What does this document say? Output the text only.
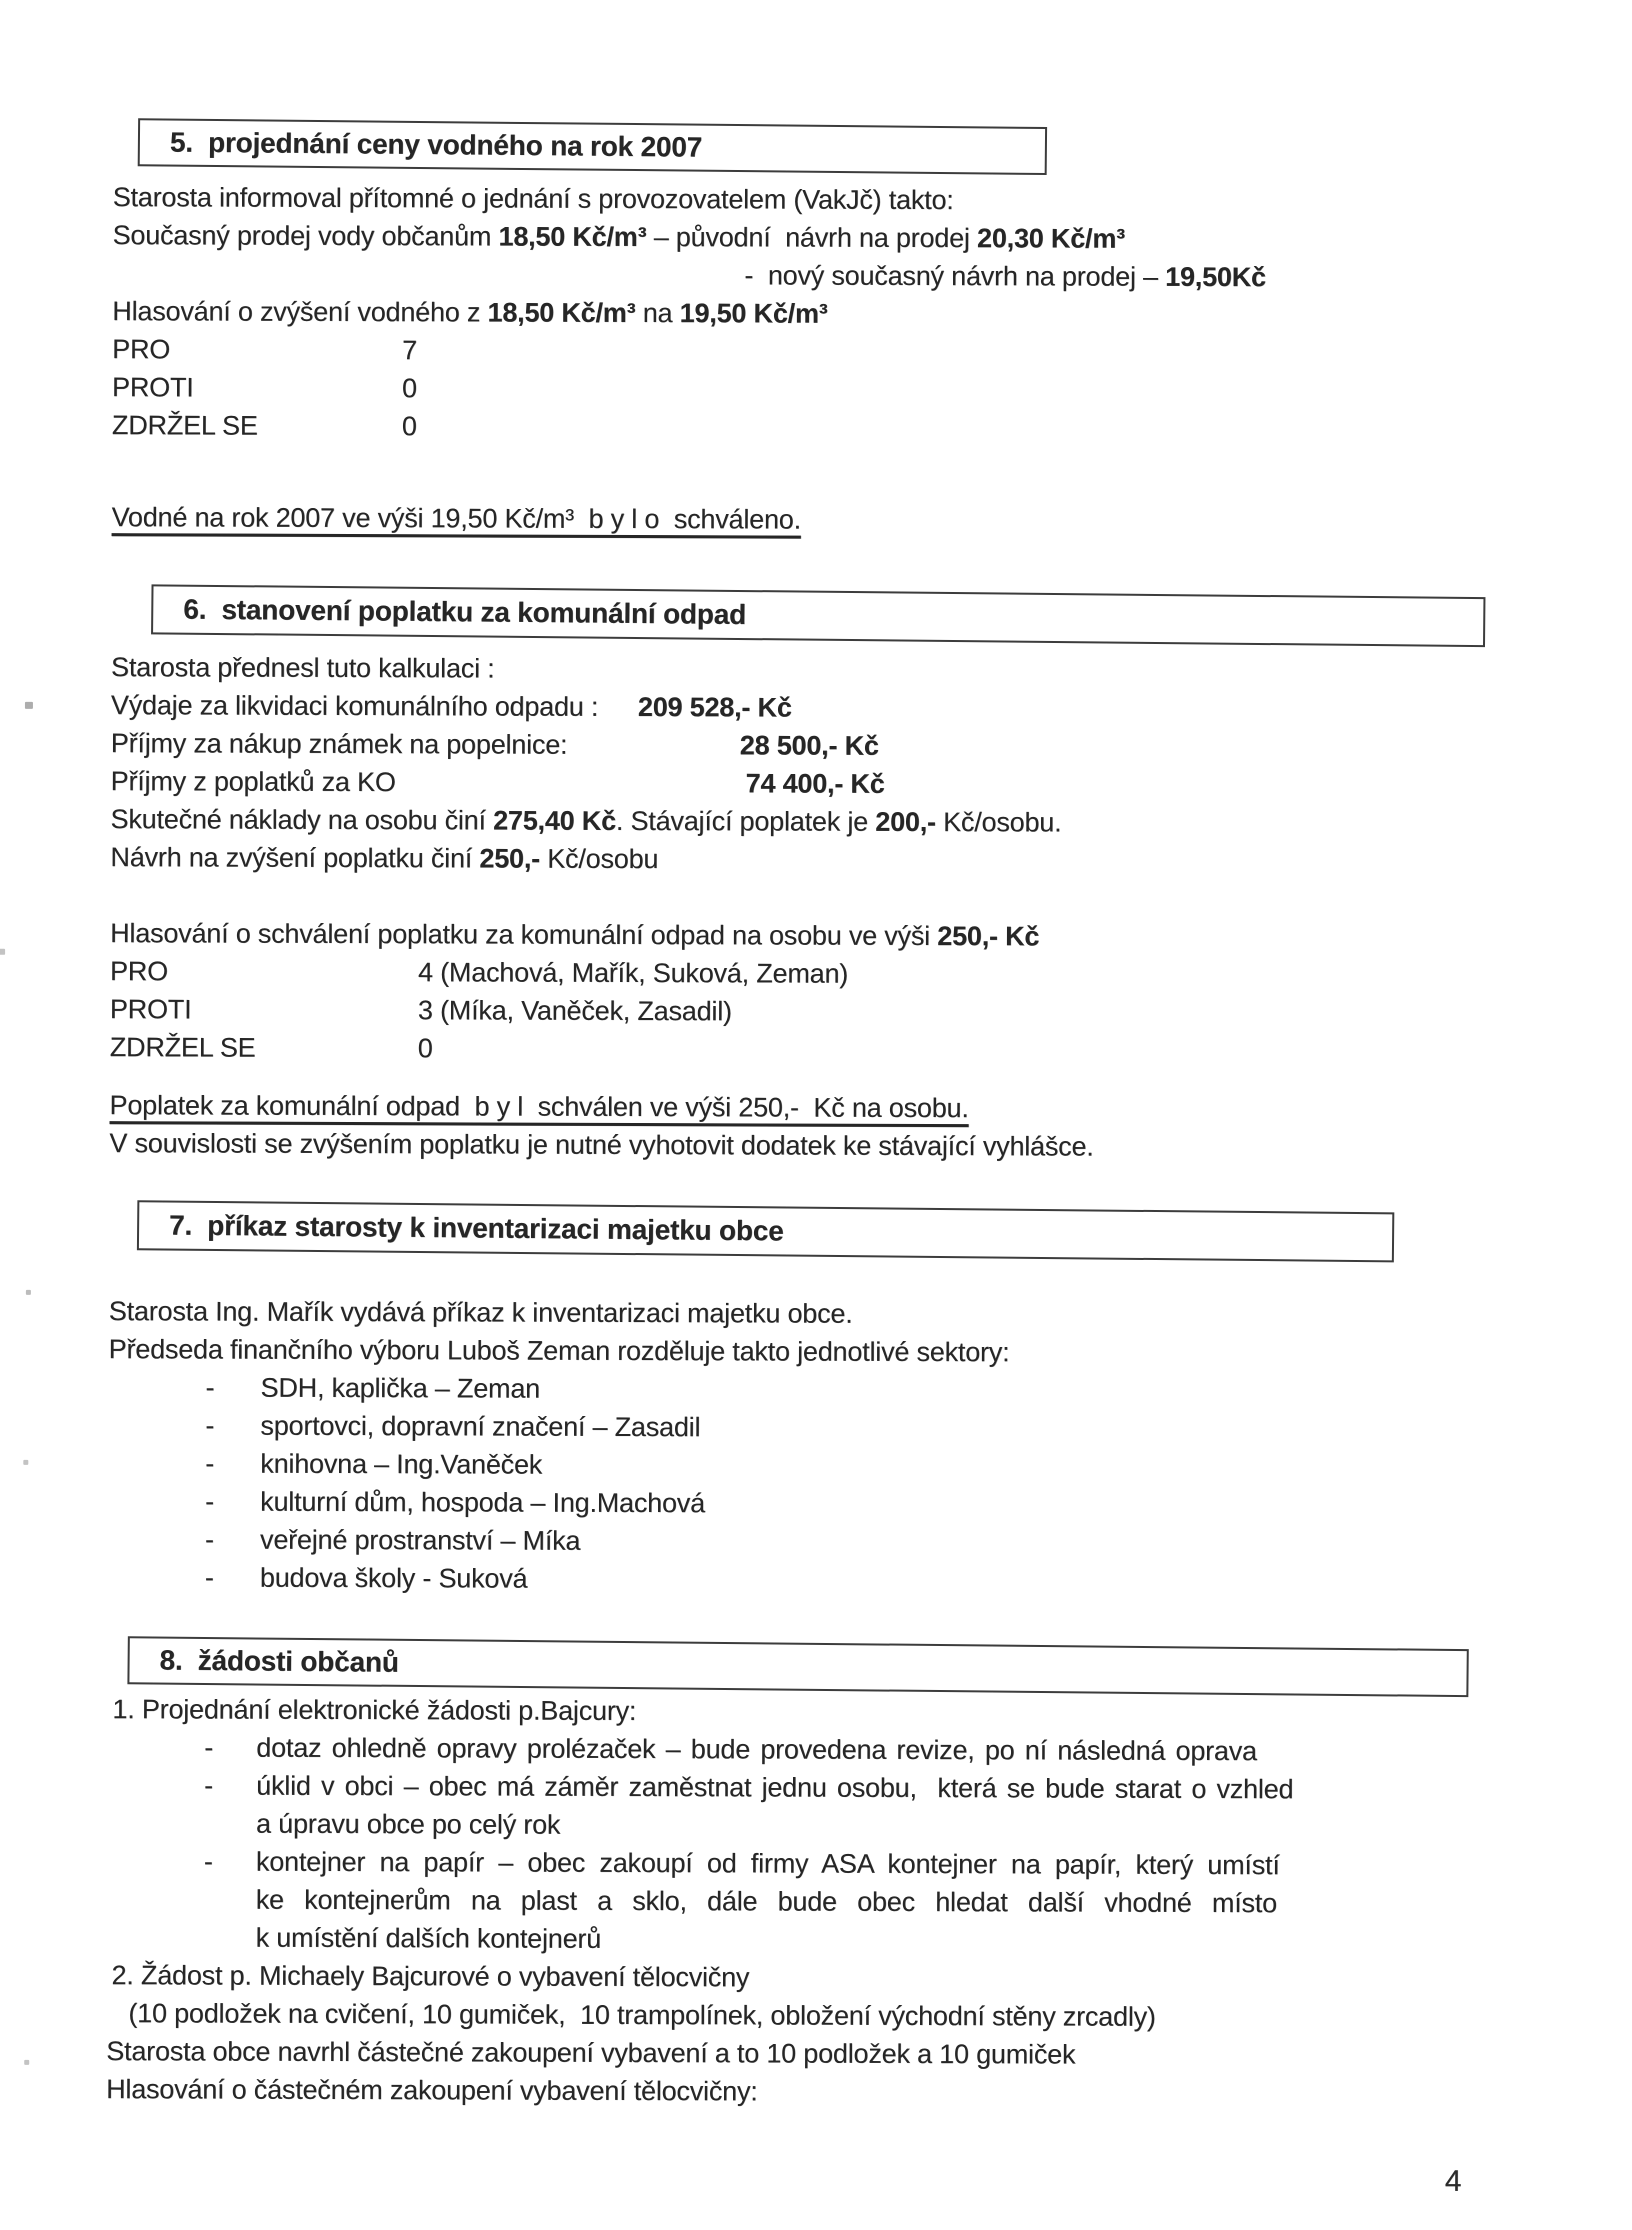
5.  projednání ceny vodného na rok 2007
Starosta informoval přítomné o jednání s provozovatelem (VakJč) takto:
Současný prodej vody občanům 18,50 Kč/m³ – původní  návrh na prodej 20,30 Kč/m³
-  nový současný návrh na prodej – 19,50Kč
Hlasování o zvýšení vodného z 18,50 Kč/m³ na 19,50 Kč/m³
PRO	7
PROTI	0
ZDRŽEL SE	0
Vodné na rok 2007 ve výši 19,50 Kč/m³  b y l o  schváleno.
6.  stanovení poplatku za komunální odpad
Starosta přednesl tuto kalkulaci :
Výdaje za likvidaci komunálního odpadu : 209 528,- Kč
Příjmy za nákup známek na popelnice:	28 500,- Kč
Příjmy z poplatků za KO	74 400,- Kč
Skutečné náklady na osobu činí 275,40 Kč. Stávající poplatek je 200,- Kč/osobu.
Návrh na zvýšení poplatku činí 250,- Kč/osobu
Hlasování o schválení poplatku za komunální odpad na osobu ve výši 250,- Kč
PRO	4 (Machová, Mařík, Suková, Zeman)
PROTI	3 (Míka, Vaněček, Zasadil)
ZDRŽEL SE	0
Poplatek za komunální odpad  b y l  schválen ve výši 250,-  Kč na osobu.
V souvislosti se zvýšením poplatku je nutné vyhotovit dodatek ke stávající vyhlášce.
7.  příkaz starosty k inventarizaci majetku obce
Starosta Ing. Mařík vydává příkaz k inventarizaci majetku obce.
Předseda finančního výboru Luboš Zeman rozděluje takto jednotlivé sektory:
- SDH, kaplička – Zeman
- sportovci, dopravní značení – Zasadil
- knihovna – Ing.Vaněček
- kulturní dům, hospoda – Ing.Machová
- veřejné prostranství – Míka
- budova školy - Suková
8.  žádosti občanů
1. Projednání elektronické žádosti p.Bajcury:
- dotaz ohledně opravy prolézaček – bude provedena revize, po ní následná oprava
- úklid v obci – obec má záměr zaměstnat jednu osobu,  která se bude starat o vzhled
a úpravu obce po celý rok
- kontejner na papír – obec zakoupí od firmy ASA kontejner na papír, který umístí
ke kontejnerům na plast a sklo, dále bude obec hledat další vhodné místo
k umístění dalších kontejnerů
2. Žádost p. Michaely Bajcurové o vybavení tělocvičny
(10 podložek na cvičení, 10 gumiček,  10 trampolínek, obložení východní stěny zrcadly)
Starosta obce navrhl částečné zakoupení vybavení a to 10 podložek a 10 gumiček
Hlasování o částečném zakoupení vybavení tělocvičny:
4
